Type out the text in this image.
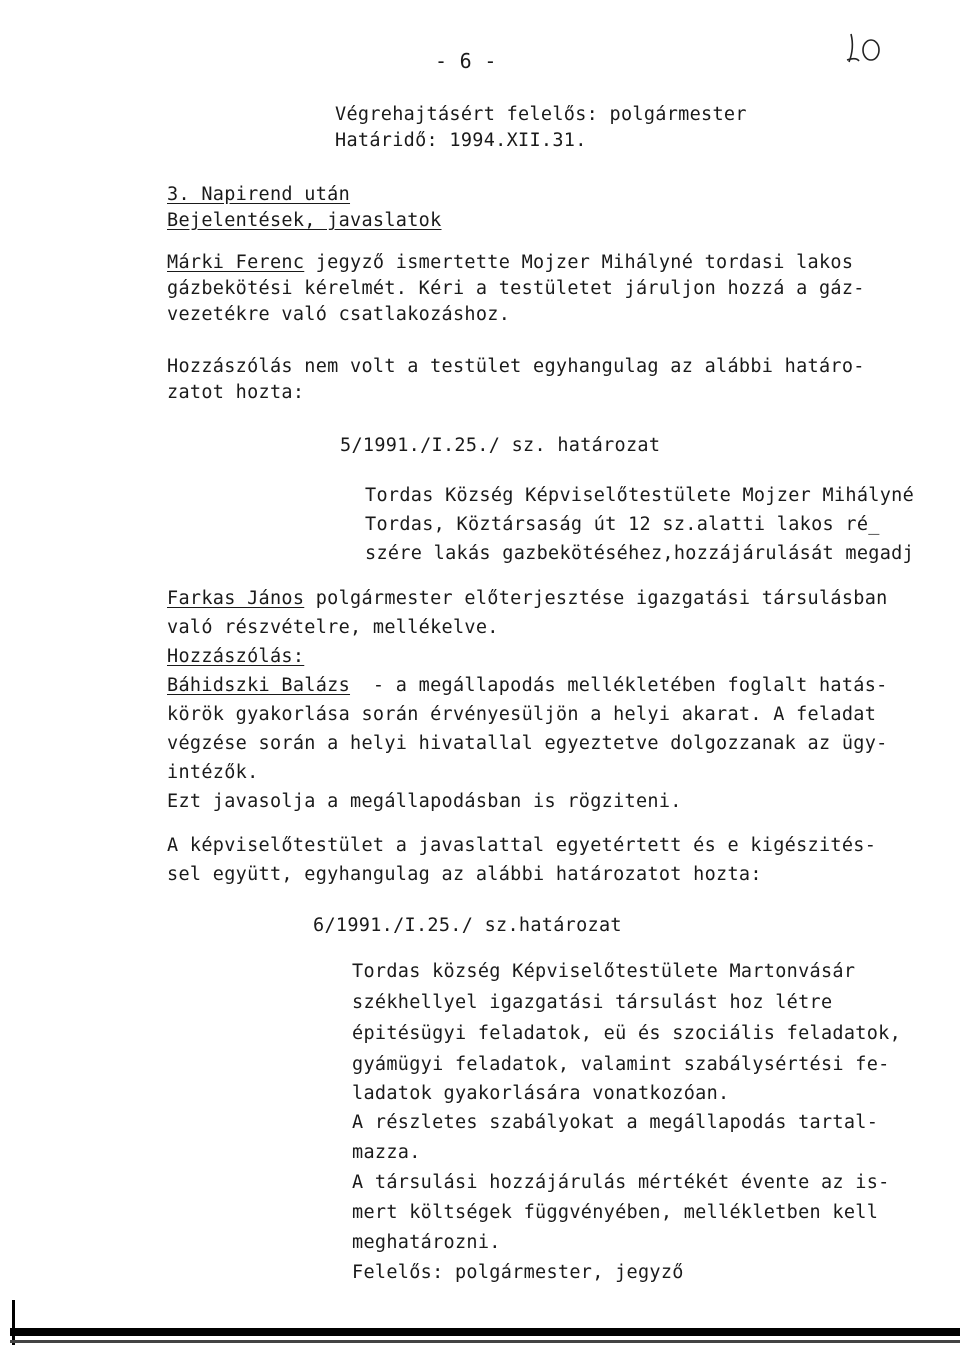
- 6 -
Végrehajtásért felelős: polgármester
Határidő: 1994.XII.31.
3. Napirend után
Bejelentések, javaslatok
Márki Ferenc jegyző ismertette Mojzer Mihályné tordasi lakos
gázbekötési kérelmét. Kéri a testületet járuljon hozzá a gáz-
vezetékre való csatlakozáshoz.
Hozzászólás nem volt a testület egyhangulag az alábbi határo-
zatot hozta:
5/1991./I.25./ sz. határozat
Tordas Község Képviselőtestülete Mojzer Mihályné
Tordas, Köztársaság út 12 sz.alatti lakos ré_
szére lakás gazbekötéséhez,hozzájárulását megadj
Farkas János polgármester előterjesztése igazgatási társulásban
való részvételre, mellékelve.
Hozzászólás:
Báhidszki Balázs  - a megállapodás mellékletében foglalt hatás-
körök gyakorlása során érvényesüljön a helyi akarat. A feladat
végzése során a helyi hivatallal egyeztetve dolgozzanak az ügy-
intézők.
Ezt javasolja a megállapodásban is rögziteni.
A képviselőtestület a javaslattal egyetértett és e kigészités-
sel együtt, egyhangulag az alábbi határozatot hozta:
6/1991./I.25./ sz.határozat
Tordas község Képviselőtestülete Martonvásár
székhellyel igazgatási társulást hoz létre
épitésügyi feladatok, eü és szociális feladatok,
gyámügyi feladatok, valamint szabálysértési fe-
ladatok gyakorlására vonatkozóan.
A részletes szabályokat a megállapodás tartal-
mazza.
A társulási hozzájárulás mértékét évente az is-
mert költségek függvényében, mellékletben kell
meghatározni.
Felelős: polgármester, jegyző
